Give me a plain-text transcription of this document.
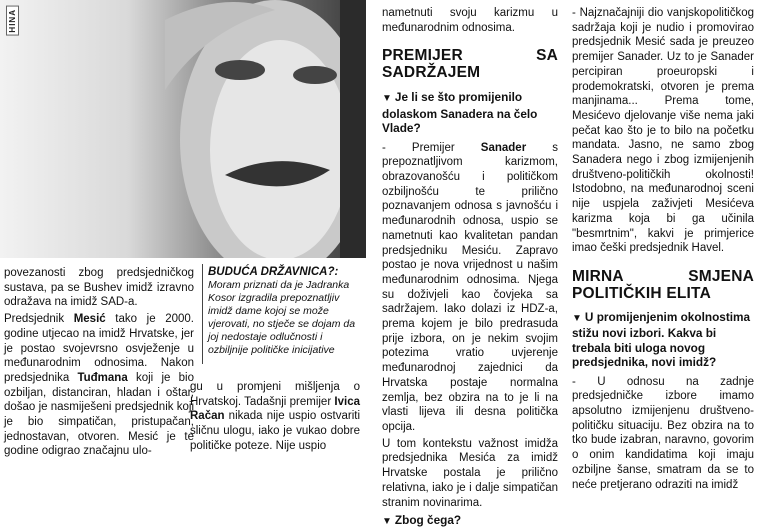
HINA

povezanosti zbog predsjedničkog sustava, pa se Bushev imidž izravno odražava na imidž SAD-a.

Predsjednik Mesić tako je 2000. godine utjecao na imidž Hrvatske, jer je postao svojevrsno osvježenje u međunarodnim odnosima. Nakon predsjednika Tuđmana koji je bio ozbiljan, distanciran, hladan i oštar, došao je nasmiješeni predsjednik koji je bio simpatičan, pristupačan, jednostavan, otvoren. Mesić je te godine odigrao značajnu ulo-

BUDUĆA DRŽAVNICA?:
Moram priznati da je Jadranka Kosor izgradila prepoznatljiv imidž dame kojoj se može vjerovati, no stječe se dojam da joj nedostaje odlučnosti i ozbiljnije političke inicijative

gu u promjeni mišljenja o Hrvatskoj. Tadašnji premijer Ivica Račan nikada nije uspio ostvariti sličnu ulogu, iako je vukao dobre političke poteze. Nije uspio

nametnuti svoju karizmu u međunarodnim odnosima.

PREMIJER SA SADRŽAJEM
▼ Je li se što promijenilo dolaskom Sanadera na čelo Vlade?

- Premijer Sanader s prepoznatljivom karizmom, obrazovanošću i političkom ozbiljnošću te prilično poznavanjem odnosa s javnošću i međunarodnih odnosa, uspio se nametnuti kao kvalitetan pandan predsjedniku Mesiću. Zapravo postao je nova vrijednost u našim međunarodnim odnosima. Njega su doživjeli kao čovjeka sa sadržajem. Iako dolazi iz HDZ-a, prema kojem je bilo predrasuda prije izbora, on je nekim svojim potezima vratio uvjerenje međunarodnoj zajednici da Hrvatska postaje normalna zemlja, bez obzira na to je li na vlasti lijeva ili desna politička opcija.

U tom kontekstu važnost imidža predsjednika Mesića za imidž Hrvatske postala je prilično relativna, iako je i dalje simpatičan stranim novinarima.

▼ Zbog čega?

- Najznačajniji dio vanjskopolitičkog sadržaja koji je nudio i promovirao predsjednik Mesić sada je preuzeo premijer Sanader. Uz to je Sanader percipiran proeuropski i prodemokratski, otvoren je prema manjinama... Prema tome, Mesićevo djelovanje više nema jaki pečat kao što je to bilo na početku mandata. Jasno, ne samo zbog Sanadera nego i zbog izmijenjenih društveno-političkih okolnosti! Istodobno, na međunarodnoj sceni nije uspjela zaživjeti Mesićeva karizma koja bi ga učinila "besmrtnim", kakvi je primjerice imao češki predsjednik Havel.

MIRNA SMJENA POLITIČKIH ELITA
▼ U promijenjenim okolnostima stižu novi izbori. Kakva bi trebala biti uloga novog predsjednika, novi imidž?

- U odnosu na zadnje predsjedničke izbore imamo apsolutno izmijenjenu društveno-političku situaciju. Bez obzira na to tko bude izabran, naravno, govorim o onim kandidatima koji imaju ozbiljne šanse, smatram da se to neće pretjerano odraziti na imidž
